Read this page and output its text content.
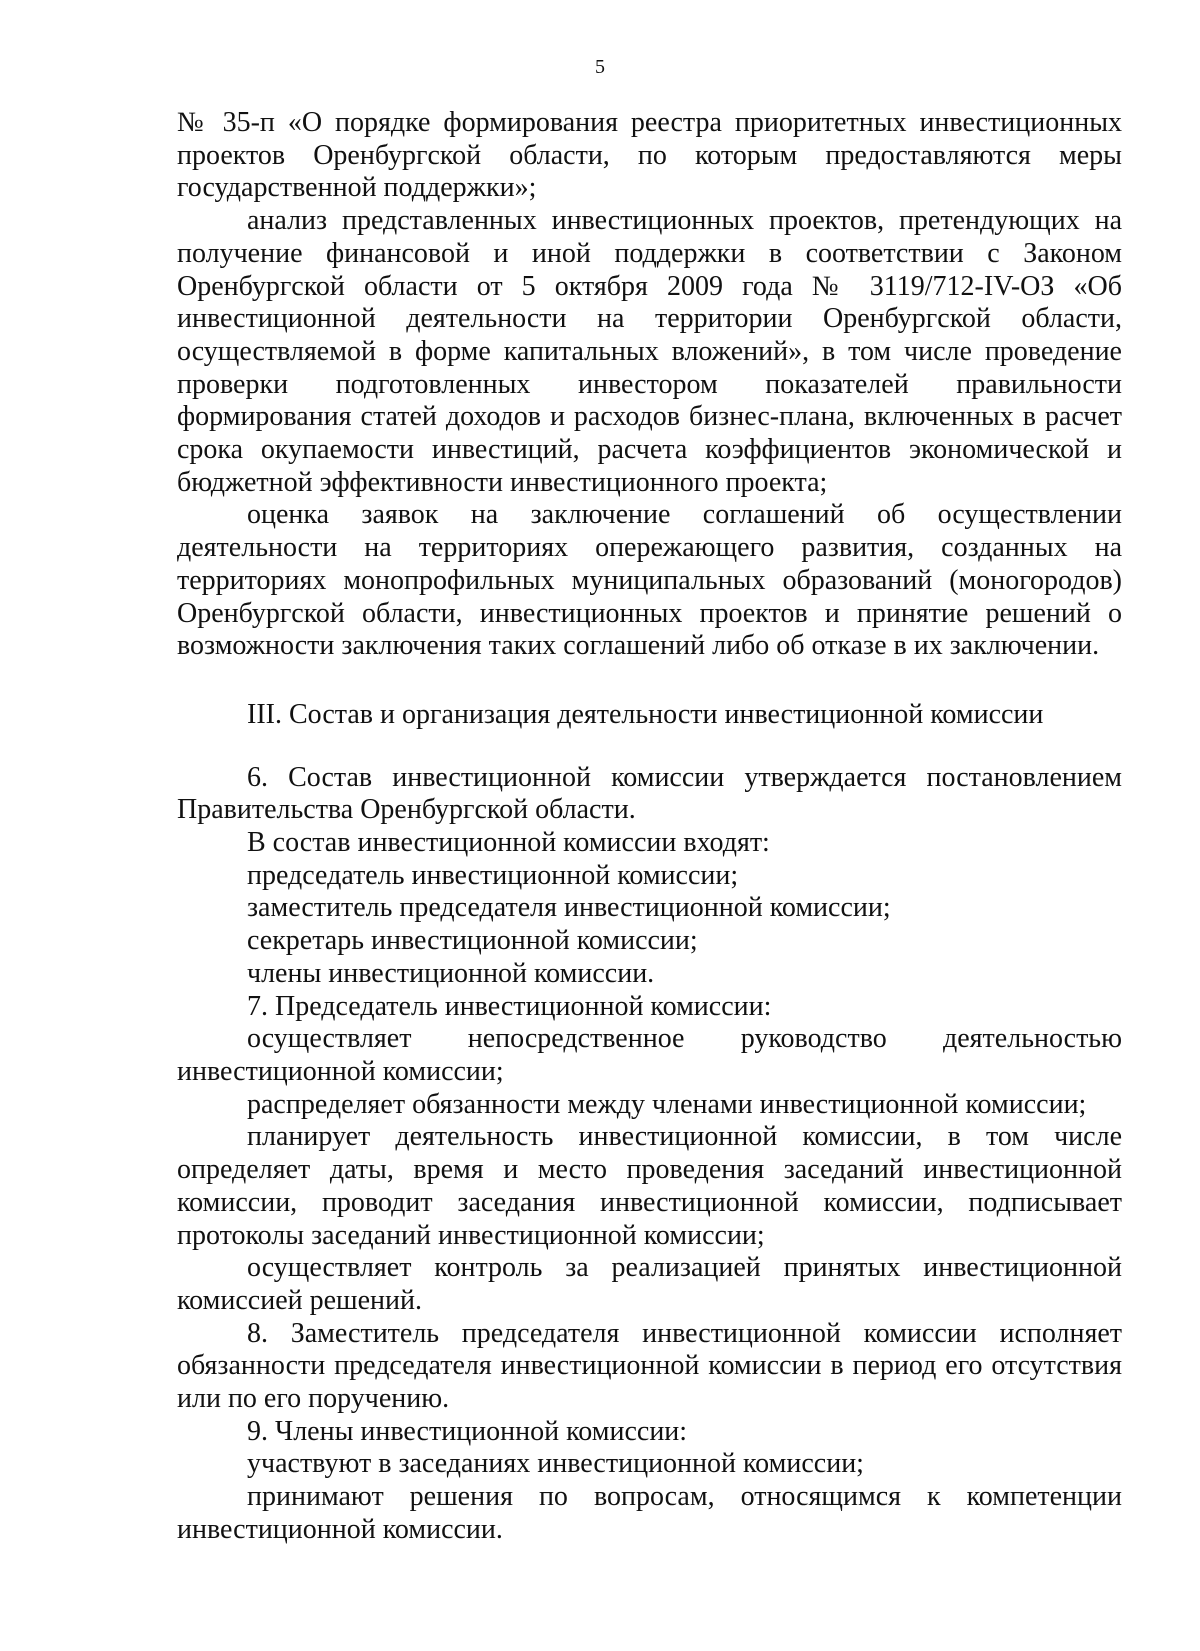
5

№ 35-п «О порядке формирования реестра приоритетных инвестиционных проектов Оренбургской области, по которым предоставляются меры государственной поддержки»;

анализ представленных инвестиционных проектов, претендующих на получение финансовой и иной поддержки в соответствии с Законом Оренбургской области от 5 октября 2009 года № 3119/712-IV-ОЗ «Об инвестиционной деятельности на территории Оренбургской области, осуществляемой в форме капитальных вложений», в том числе проведение проверки подготовленных инвестором показателей правильности формирования статей доходов и расходов бизнес-плана, включенных в расчет срока окупаемости инвестиций, расчета коэффициентов экономической и бюджетной эффективности инвестиционного проекта;

оценка заявок на заключение соглашений об осуществлении деятельности на территориях опережающего развития, созданных на территориях монопрофильных муниципальных образований (моногородов) Оренбургской области, инвестиционных проектов и принятие решений о возможности заключения таких соглашений либо об отказе в их заключении.

III. Состав и организация деятельности инвестиционной комиссии

6. Состав инвестиционной комиссии утверждается постановлением Правительства Оренбургской области.

В состав инвестиционной комиссии входят:

председатель инвестиционной комиссии;

заместитель председателя инвестиционной комиссии;

секретарь инвестиционной комиссии;

члены инвестиционной комиссии.

7. Председатель инвестиционной комиссии:

осуществляет непосредственное руководство деятельностью инвестиционной комиссии;

распределяет обязанности между членами инвестиционной комиссии;

планирует деятельность инвестиционной комиссии, в том числе определяет даты, время и место проведения заседаний инвестиционной комиссии, проводит заседания инвестиционной комиссии, подписывает протоколы заседаний инвестиционной комиссии;

осуществляет контроль за реализацией принятых инвестиционной комиссией решений.

8. Заместитель председателя инвестиционной комиссии исполняет обязанности председателя инвестиционной комиссии в период его отсутствия или по его поручению.

9. Члены инвестиционной комиссии:

участвуют в заседаниях инвестиционной комиссии;

принимают решения по вопросам, относящимся к компетенции инвестиционной комиссии.
